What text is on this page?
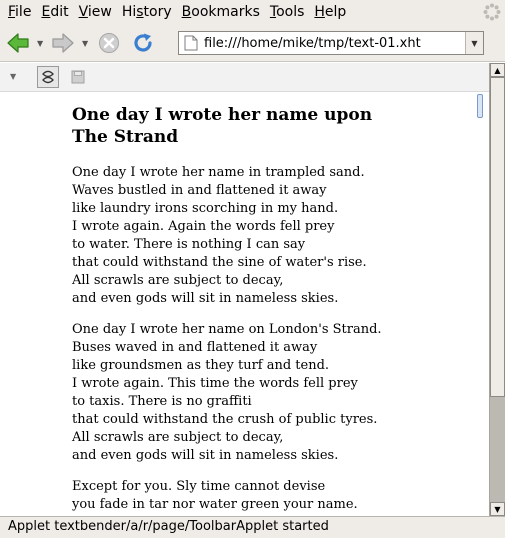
File Edit View History Bookmarks Tools Help
▼	▼	file:///home/mike/tmp/text-01.xht	▼
▼
One day I wrote her name upon The Strand
One day I wrote her name in trampled sand.
Waves bustled in and flattened it away
like laundry irons scorching in my hand.
I wrote again. Again the words fell prey
to water. There is nothing I can say
that could withstand the sine of water's rise.
All scrawls are subject to decay,
and even gods will sit in nameless skies.
One day I wrote her name on London's Strand.
Buses waved in and flattened it away
like groundsmen as they turf and tend.
I wrote again. This time the words fell prey
to taxis. There is no graffiti
that could withstand the crush of public tyres.
All scrawls are subject to decay,
and even gods will sit in nameless skies.
Except for you. Sly time cannot devise
you fade in tar nor water green your name.
▲
▼
Applet textbender/a/r/page/ToolbarApplet started
